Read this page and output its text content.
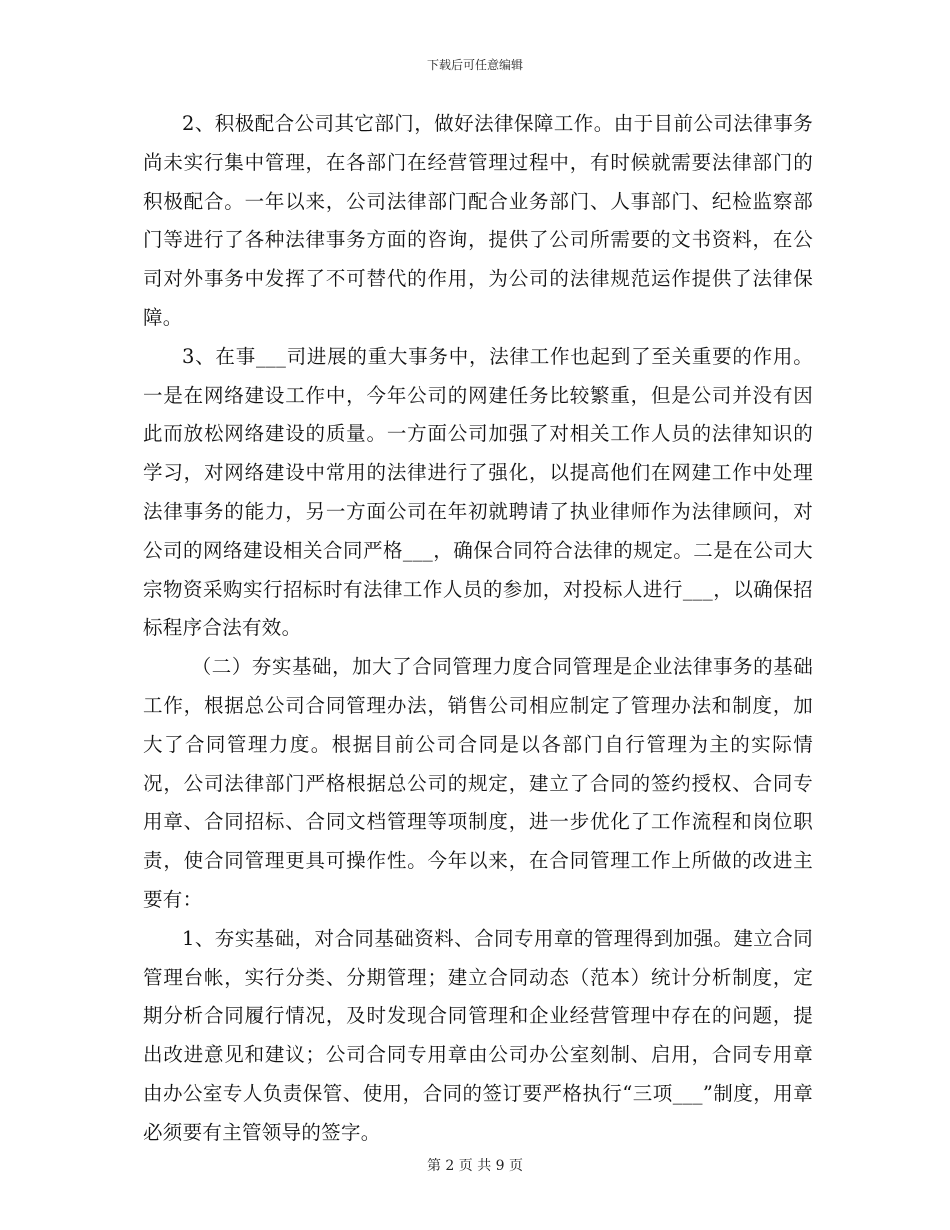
下载后可任意编辑

2、积极配合公司其它部门，做好法律保障工作。由于目前公司法律事务尚未实行集中管理，在各部门在经营管理过程中，有时候就需要法律部门的积极配合。一年以来，公司法律部门配合业务部门、人事部门、纪检监察部门等进行了各种法律事务方面的咨询，提供了公司所需要的文书资料，在公司对外事务中发挥了不可替代的作用，为公司的法律规范运作提供了法律保障。

3、在事___司进展的重大事务中，法律工作也起到了至关重要的作用。一是在网络建设工作中，今年公司的网建任务比较繁重，但是公司并没有因此而放松网络建设的质量。一方面公司加强了对相关工作人员的法律知识的学习，对网络建设中常用的法律进行了强化，以提高他们在网建工作中处理法律事务的能力，另一方面公司在年初就聘请了执业律师作为法律顾问，对公司的网络建设相关合同严格___，确保合同符合法律的规定。二是在公司大宗物资采购实行招标时有法律工作人员的参加，对投标人进行___，以确保招标程序合法有效。

（二）夯实基础，加大了合同管理力度合同管理是企业法律事务的基础工作，根据总公司合同管理办法，销售公司相应制定了管理办法和制度，加大了合同管理力度。根据目前公司合同是以各部门自行管理为主的实际情况，公司法律部门严格根据总公司的规定，建立了合同的签约授权、合同专用章、合同招标、合同文档管理等项制度，进一步优化了工作流程和岗位职责，使合同管理更具可操作性。今年以来，在合同管理工作上所做的改进主要有：

1、夯实基础，对合同基础资料、合同专用章的管理得到加强。建立合同管理台帐，实行分类、分期管理；建立合同动态（范本）统计分析制度，定期分析合同履行情况，及时发现合同管理和企业经营管理中存在的问题，提出改进意见和建议；公司合同专用章由公司办公室刻制、启用，合同专用章由办公室专人负责保管、使用，合同的签订要严格执行“三项___”制度，用章必须要有主管领导的签字。

第 2 页 共 9 页
